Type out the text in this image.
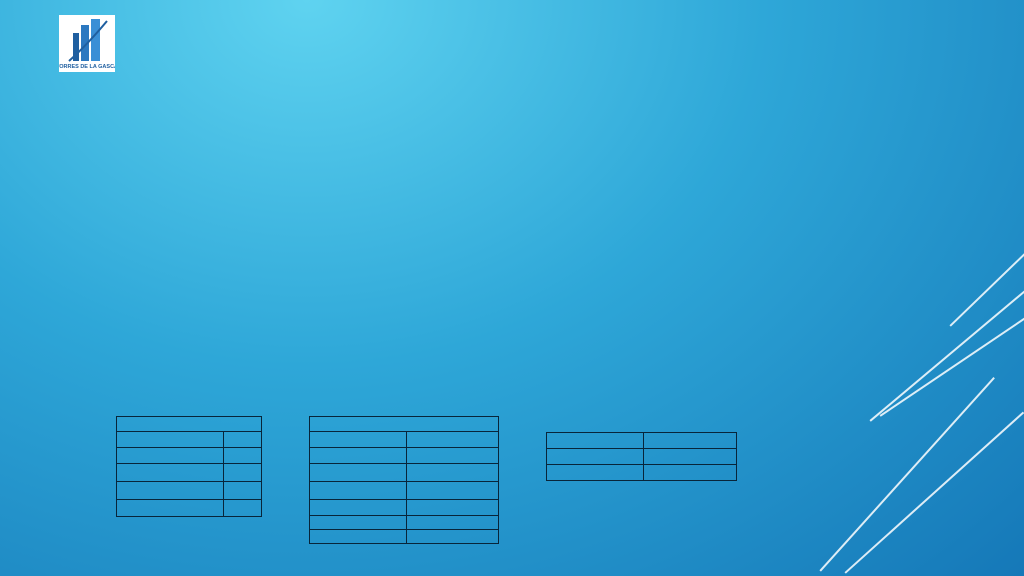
TORRES DE LA GASCA
